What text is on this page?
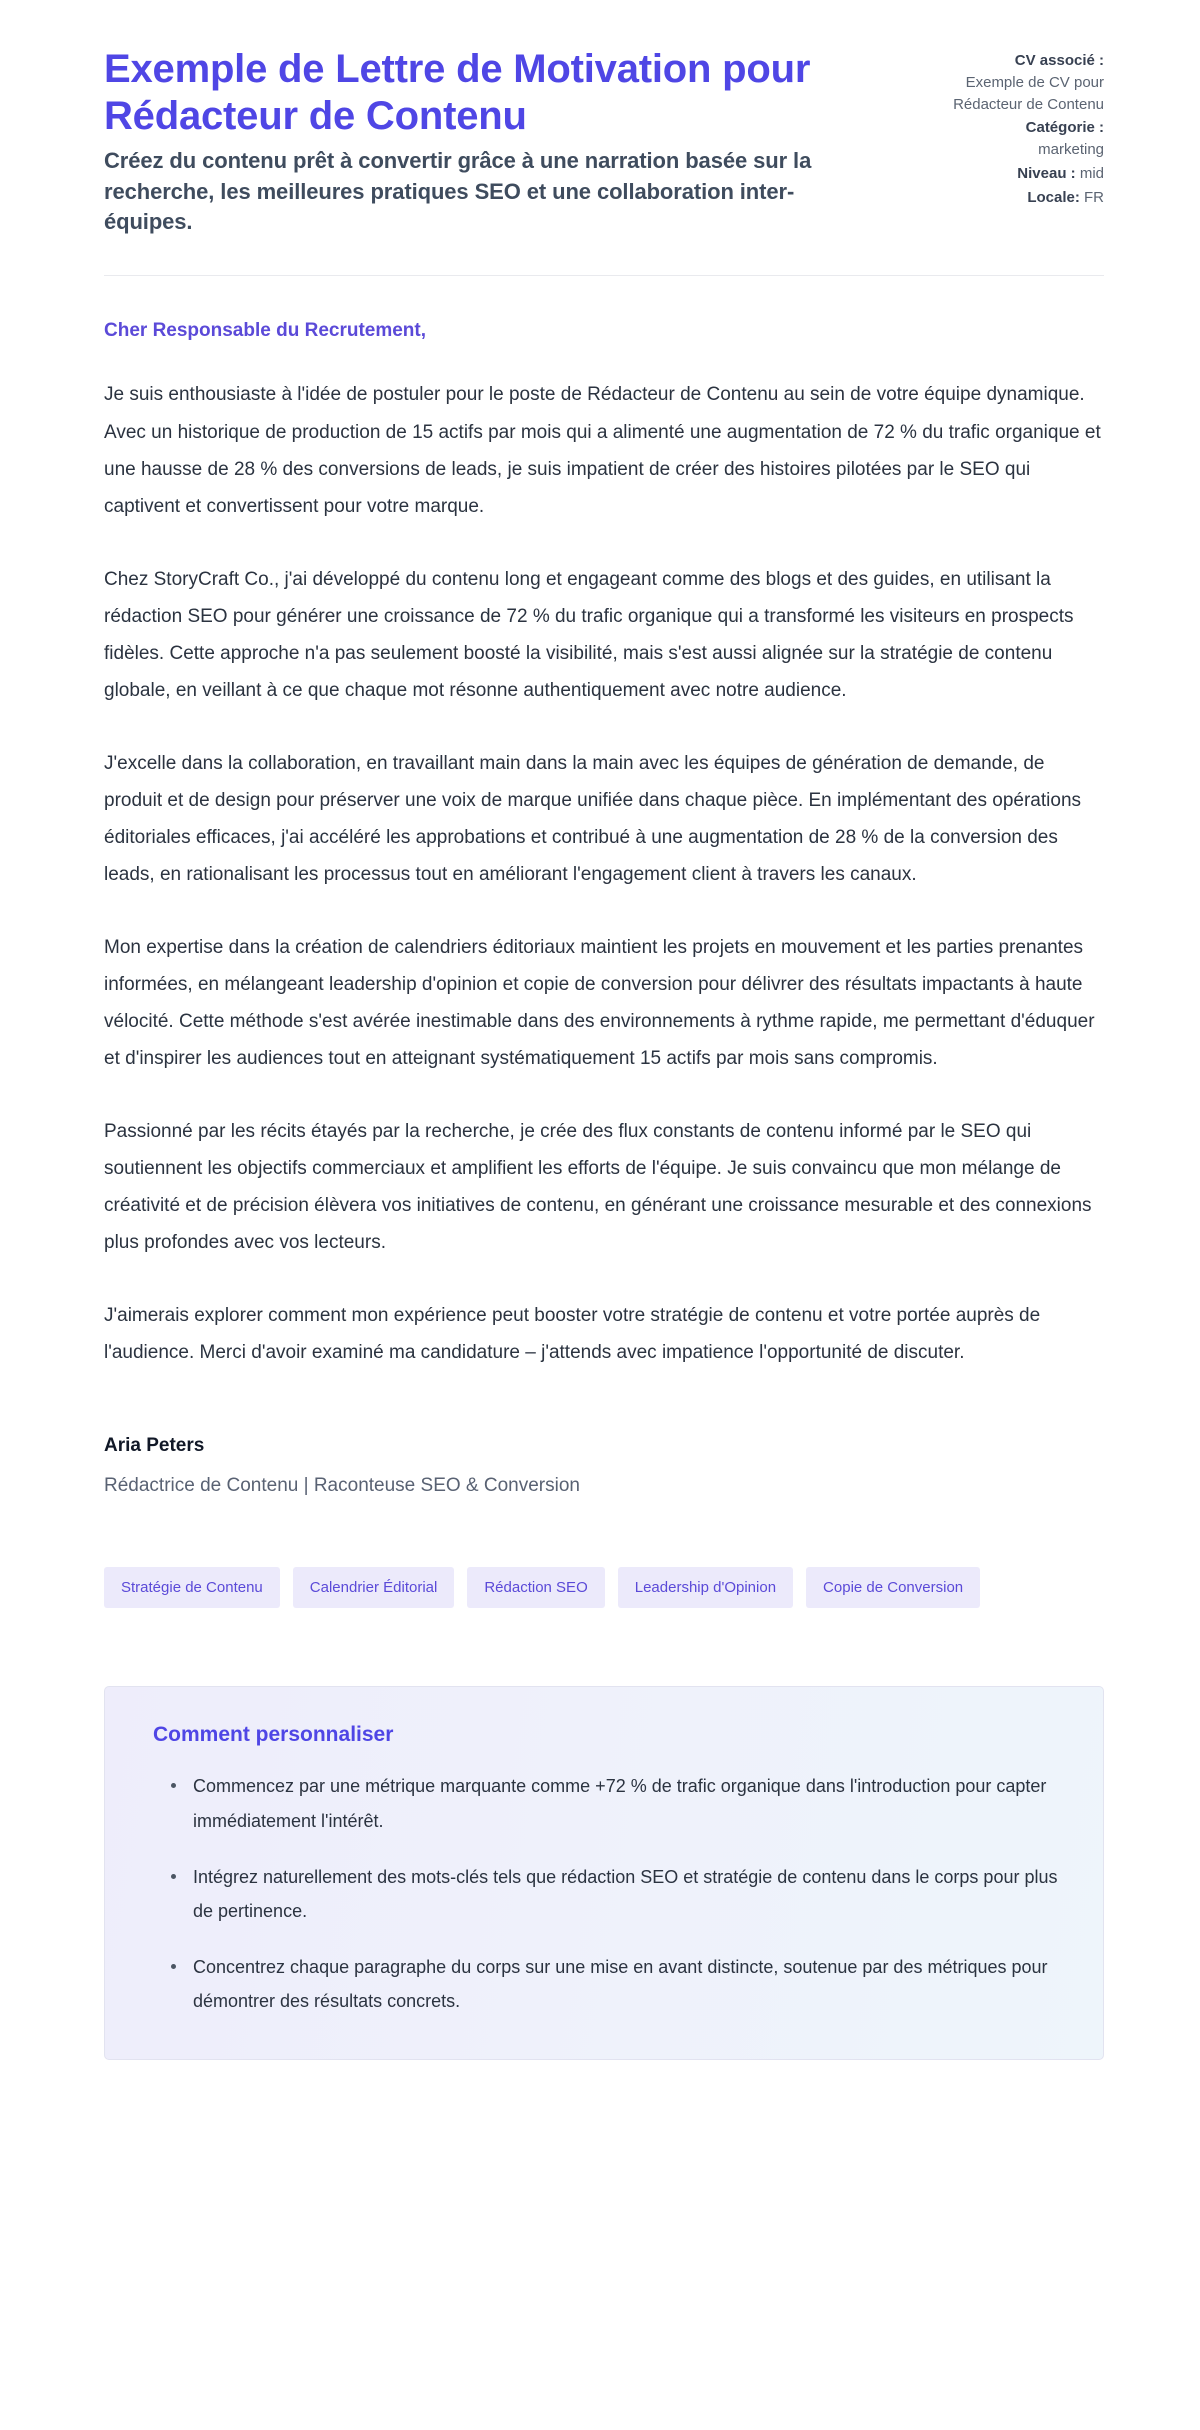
Exemple de Lettre de Motivation pour Rédacteur de Contenu

Créez du contenu prêt à convertir grâce à une narration basée sur la recherche, les meilleures pratiques SEO et une collaboration inter-équipes.

CV associé :
Exemple de CV pour Rédacteur de Contenu
Catégorie :
marketing
Niveau : mid
Locale: FR

Cher Responsable du Recrutement,

Je suis enthousiaste à l'idée de postuler pour le poste de Rédacteur de Contenu au sein de votre équipe dynamique. Avec un historique de production de 15 actifs par mois qui a alimenté une augmentation de 72 % du trafic organique et une hausse de 28 % des conversions de leads, je suis impatient de créer des histoires pilotées par le SEO qui captivent et convertissent pour votre marque.

Chez StoryCraft Co., j'ai développé du contenu long et engageant comme des blogs et des guides, en utilisant la rédaction SEO pour générer une croissance de 72 % du trafic organique qui a transformé les visiteurs en prospects fidèles. Cette approche n'a pas seulement boosté la visibilité, mais s'est aussi alignée sur la stratégie de contenu globale, en veillant à ce que chaque mot résonne authentiquement avec notre audience.

J'excelle dans la collaboration, en travaillant main dans la main avec les équipes de génération de demande, de produit et de design pour préserver une voix de marque unifiée dans chaque pièce. En implémentant des opérations éditoriales efficaces, j'ai accéléré les approbations et contribué à une augmentation de 28 % de la conversion des leads, en rationalisant les processus tout en améliorant l'engagement client à travers les canaux.

Mon expertise dans la création de calendriers éditoriaux maintient les projets en mouvement et les parties prenantes informées, en mélangeant leadership d'opinion et copie de conversion pour délivrer des résultats impactants à haute vélocité. Cette méthode s'est avérée inestimable dans des environnements à rythme rapide, me permettant d'éduquer et d'inspirer les audiences tout en atteignant systématiquement 15 actifs par mois sans compromis.

Passionné par les récits étayés par la recherche, je crée des flux constants de contenu informé par le SEO qui soutiennent les objectifs commerciaux et amplifient les efforts de l'équipe. Je suis convaincu que mon mélange de créativité et de précision élèvera vos initiatives de contenu, en générant une croissance mesurable et des connexions plus profondes avec vos lecteurs.

J'aimerais explorer comment mon expérience peut booster votre stratégie de contenu et votre portée auprès de l'audience. Merci d'avoir examiné ma candidature – j'attends avec impatience l'opportunité de discuter.

Aria Peters

Rédactrice de Contenu | Raconteuse SEO & Conversion

Stratégie de Contenu	Calendrier Éditorial	Rédaction SEO	Leadership d'Opinion	Copie de Conversion
Comment personnaliser
Commencez par une métrique marquante comme +72 % de trafic organique dans l'introduction pour capter immédiatement l'intérêt.
Intégrez naturellement des mots-clés tels que rédaction SEO et stratégie de contenu dans le corps pour plus de pertinence.
Concentrez chaque paragraphe du corps sur une mise en avant distincte, soutenue par des métriques pour démontrer des résultats concrets.
